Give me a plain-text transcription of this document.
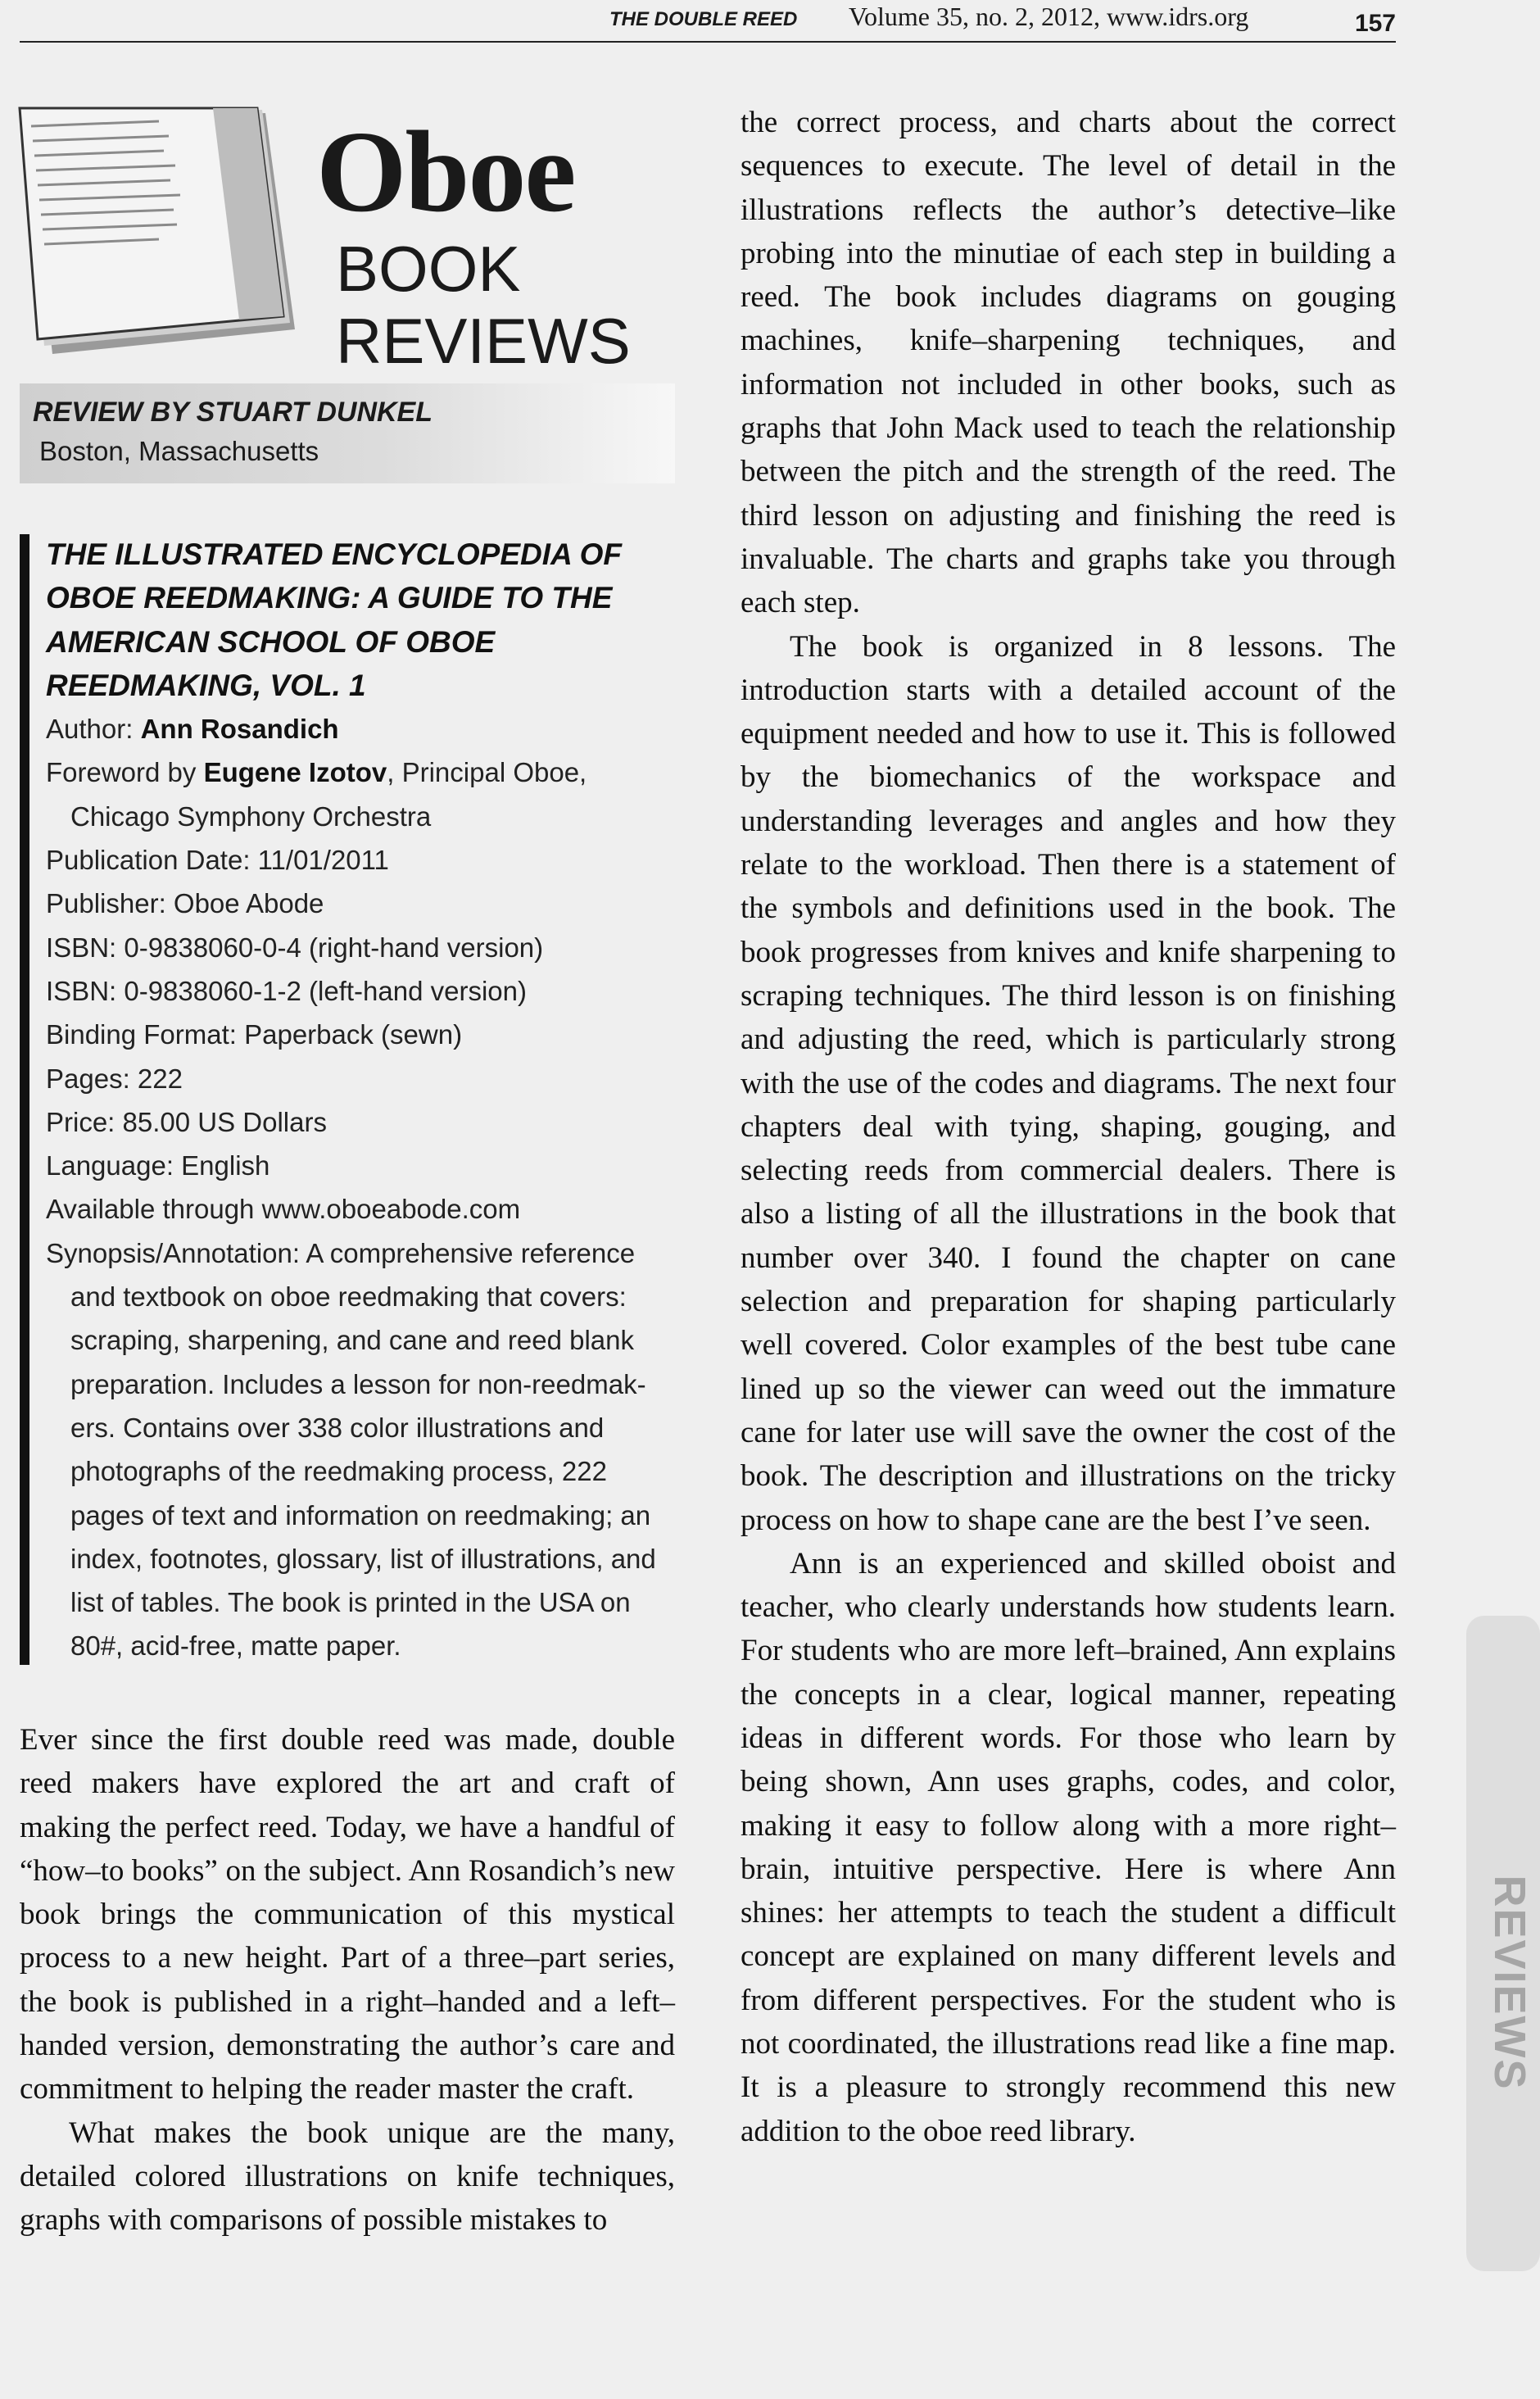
THE DOUBLE REED Volume 35, no. 2, 2012, www.idrs.org	157
Oboe
BOOK
REVIEWS
REVIEW BY STUART DUNKEL
Boston, Massachusetts
THE ILLUSTRATED ENCYCLOPEDIA OF OBOE REEDMAKING: A GUIDE TO THE AMERICAN SCHOOL OF OBOE REEDMAKING, VOL. 1
Author: Ann Rosandich
Foreword by Eugene Izotov, Principal Oboe, Chicago Symphony Orchestra
Publication Date: 11/01/2011
Publisher: Oboe Abode
ISBN: 0-9838060-0-4 (right-hand version)
ISBN: 0-9838060-1-2 (left-hand version)
Binding Format: Paperback (sewn)
Pages: 222
Price: 85.00 US Dollars
Language: English
Available through www.oboeabode.com
Synopsis/Annotation: A comprehensive reference and textbook on oboe reedmaking that covers: scraping, sharpening, and cane and reed blank preparation. Includes a lesson for non-reedmak-ers. Contains over 338 color illustrations and photographs of the reedmaking process, 222 pages of text and information on reedmaking; an index, footnotes, glossary, list of illustrations, and list of tables. The book is printed in the USA on 80#, acid-free, matte paper.

Ever since the first double reed was made, double reed makers have explored the art and craft of making the perfect reed. Today, we have a handful of “how–to books” on the subject. Ann Rosandich’s new book brings the communication of this mystical process to a new height. Part of a three–part series, the book is published in a right–handed and a left–handed version, demonstrating the author’s care and commitment to helping the reader master the craft.

What makes the book unique are the many, detailed colored illustrations on knife techniques, graphs with comparisons of possible mistakes to

the correct process, and charts about the correct sequences to execute. The level of detail in the illustrations reflects the author’s detective–like probing into the minutiae of each step in building a reed. The book includes diagrams on gouging machines, knife–sharpening techniques, and information not included in other books, such as graphs that John Mack used to teach the relationship between the pitch and the strength of the reed. The third lesson on adjusting and finishing the reed is invaluable. The charts and graphs take you through each step.

The book is organized in 8 lessons. The introduction starts with a detailed account of the equipment needed and how to use it. This is followed by the biomechanics of the workspace and understanding leverages and angles and how they relate to the workload. Then there is a statement of the symbols and definitions used in the book. The book progresses from knives and knife sharpening to scraping techniques. The third lesson is on finishing and adjusting the reed, which is particularly strong with the use of the codes and diagrams. The next four chapters deal with tying, shaping, gouging, and selecting reeds from commercial dealers. There is also a listing of all the illustrations in the book that number over 340. I found the chapter on cane selection and preparation for shaping particularly well covered. Color examples of the best tube cane lined up so the viewer can weed out the immature cane for later use will save the owner the cost of the book. The description and illustrations on the tricky process on how to shape cane are the best I’ve seen.

Ann is an experienced and skilled oboist and teacher, who clearly understands how students learn. For students who are more left–brained, Ann explains the concepts in a clear, logical manner, repeating ideas in different words. For those who learn by being shown, Ann uses graphs, codes, and color, making it easy to follow along with a more right–brain, intuitive perspective. Here is where Ann shines: her attempts to teach the student a difficult concept are explained on many different levels and from different perspectives. For the student who is not coordinated, the illustrations read like a fine map. It is a pleasure to strongly recommend this new addition to the oboe reed library.

REVIEWS
